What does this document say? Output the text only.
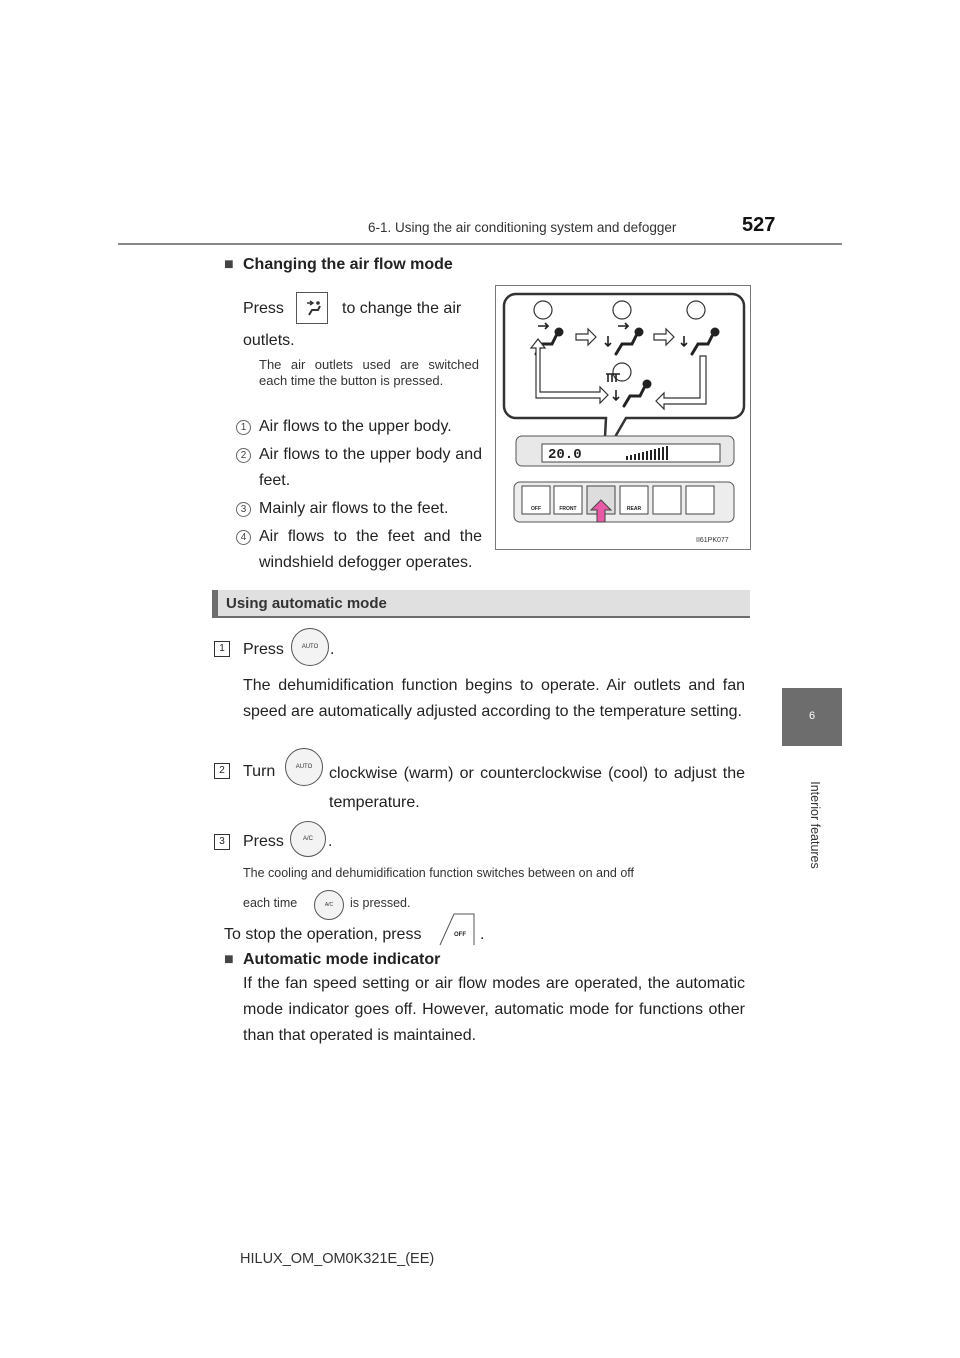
6-1. Using the air conditioning system and defogger	527
6
Interior features
■ Changing the air flow mode
Press	to change the air
outlets.
The air outlets used are switched each time the button is pressed.
1 Air flows to the upper body.
2 Air flows to the upper body and feet.
3 Mainly air flows to the feet.
4 Air flows to the feet and the windshield defogger operates.
20.0
OFF	FRONT	REAR
II61PK077
Using automatic mode
1	Press	AUTO .
The dehumidification function begins to operate. Air outlets and fan speed are automatically adjusted according to the temperature setting.
2	Turn	AUTO	clockwise (warm) or counterclockwise (cool) to adjust the temperature.
3	Press	A/C .
The cooling and dehumidification function switches between on and off
each time	A/C	is pressed.
To stop the operation, press	OFF .
■ Automatic mode indicator
If the fan speed setting or air flow modes are operated, the automatic mode indicator goes off. However, automatic mode for functions other than that operated is maintained.
HILUX_OM_OM0K321E_(EE)
